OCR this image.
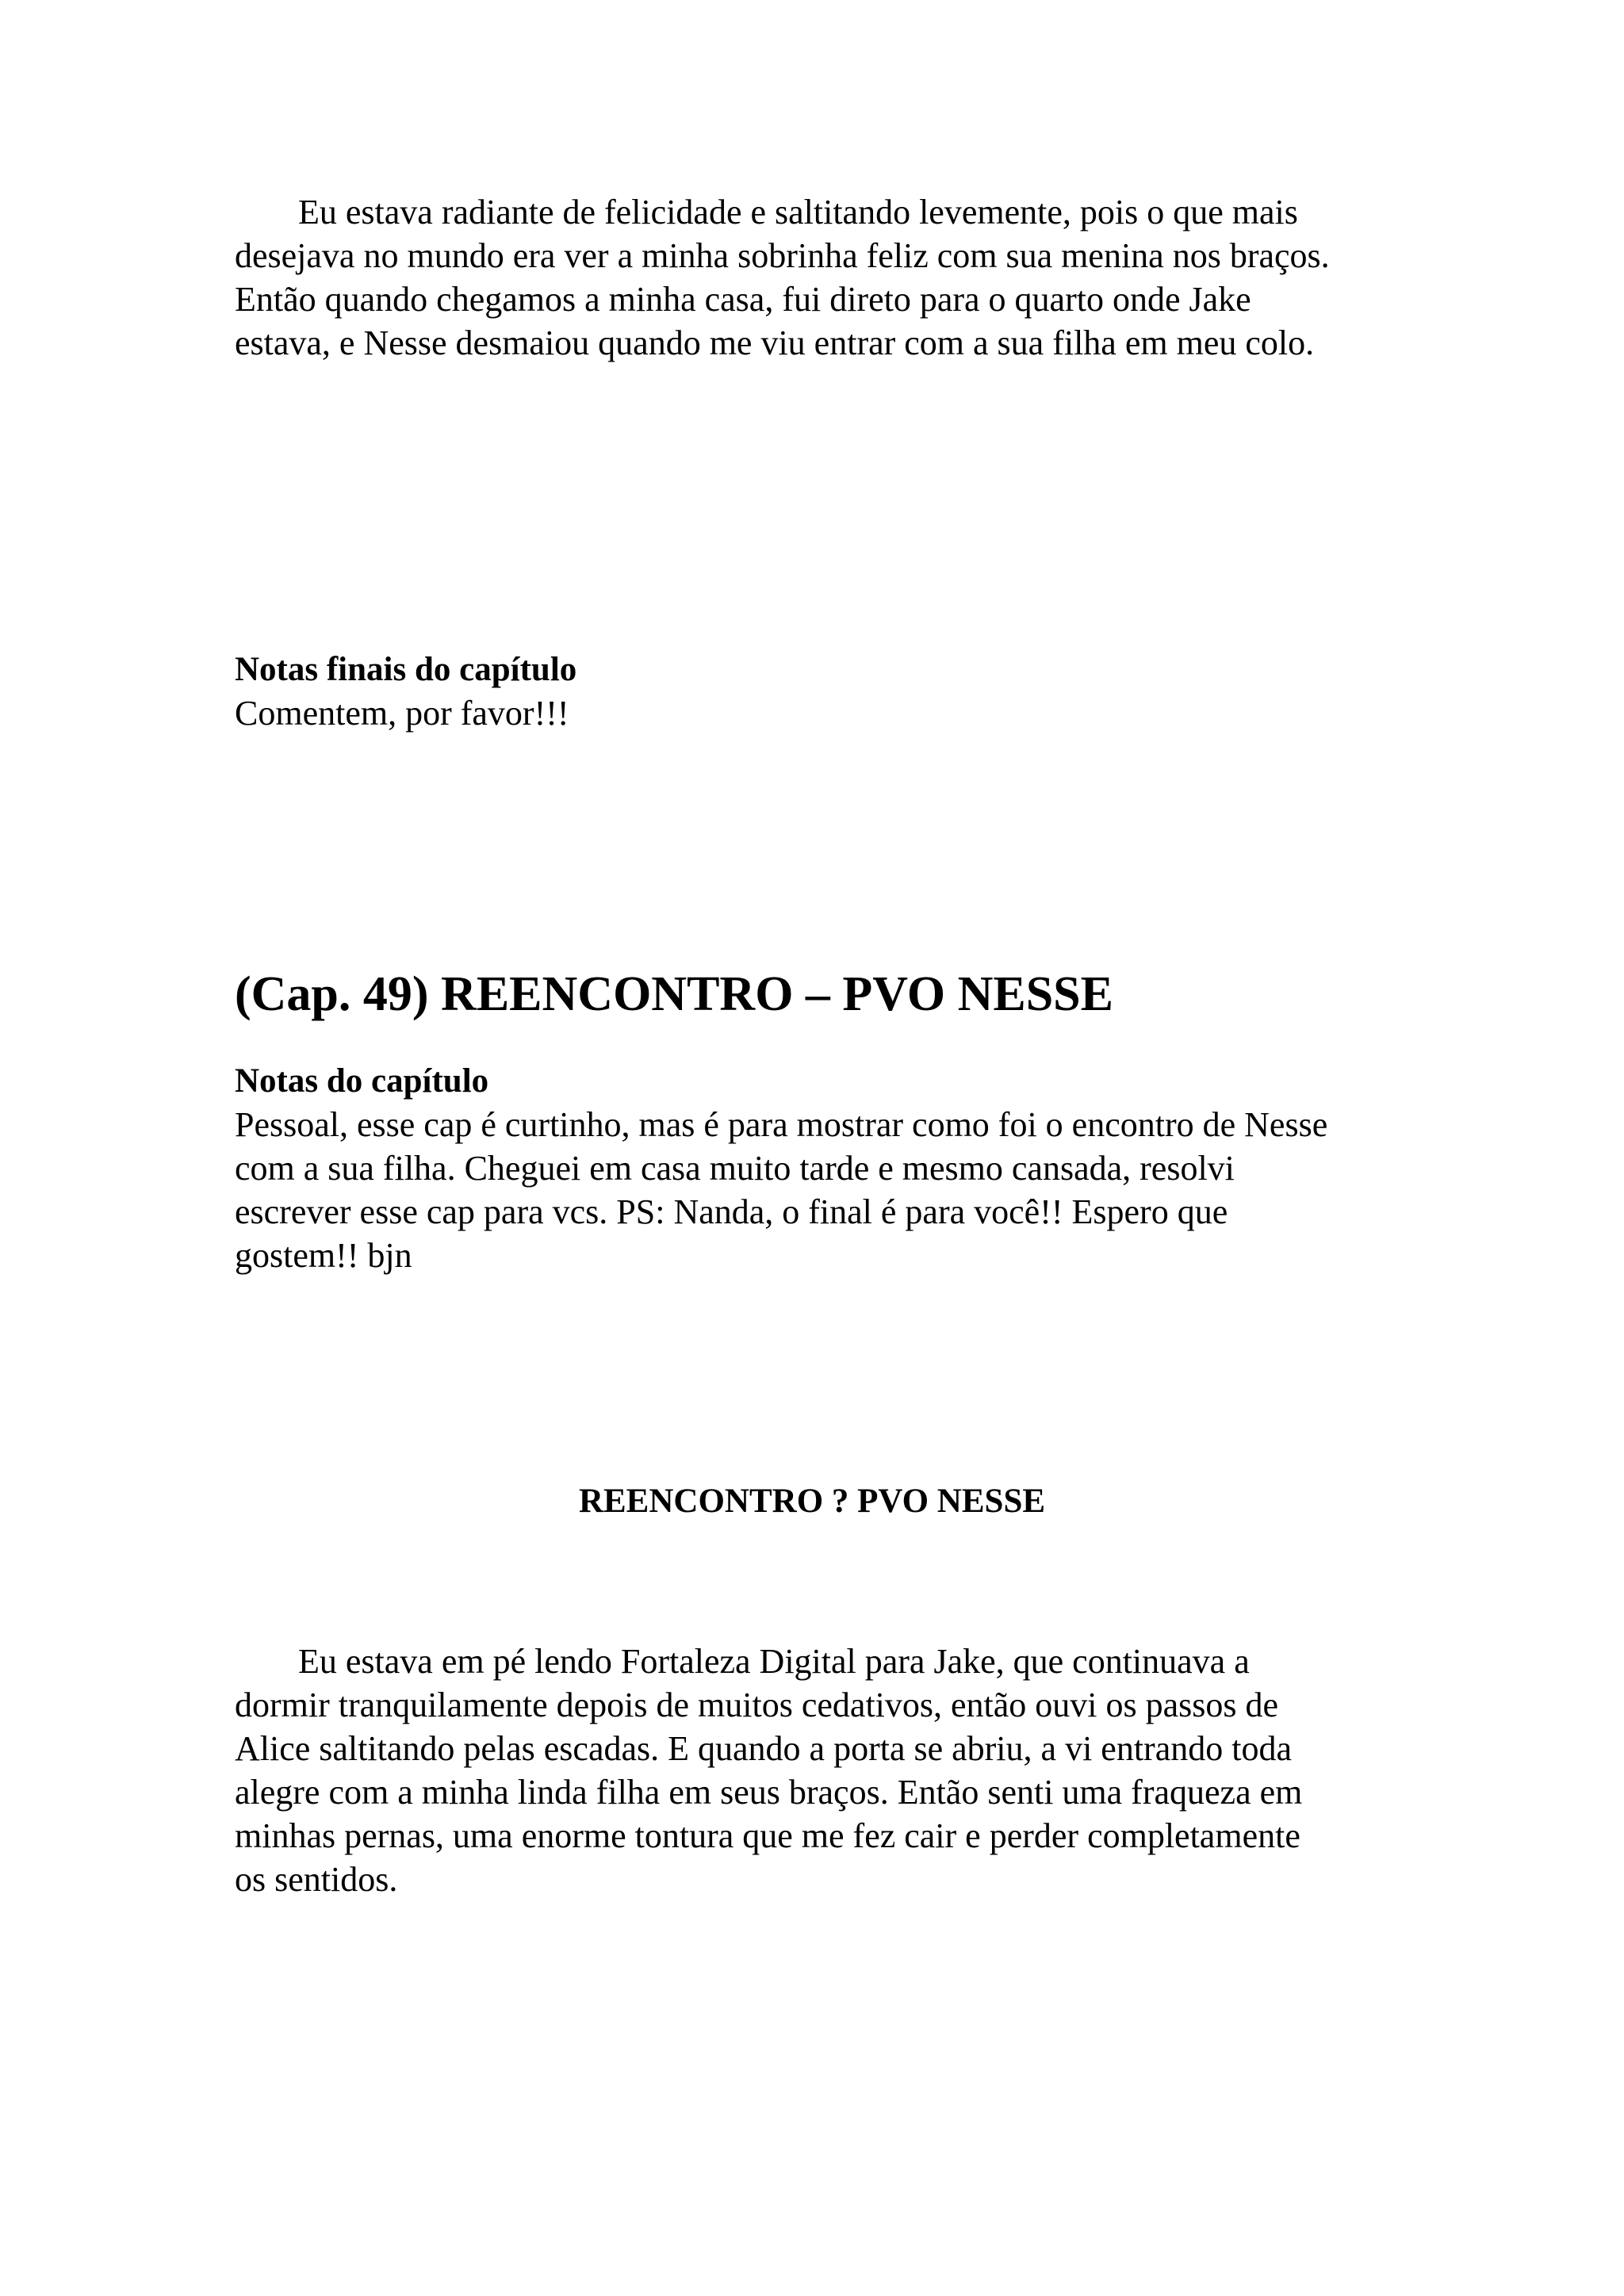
Eu estava radiante de felicidade e saltitando levemente, pois o que mais
desejava no mundo era ver a minha sobrinha feliz com sua menina nos braços.
Então quando chegamos a minha casa, fui direto para o quarto onde Jake
estava, e Nesse desmaiou quando me viu entrar com a sua filha em meu colo.

Notas finais do capítulo
Comentem, por favor!!!
(Cap. 49) REENCONTRO – PVO NESSE
Notas do capítulo
Pessoal, esse cap é curtinho, mas é para mostrar como foi o encontro de Nesse
com a sua filha. Cheguei em casa muito tarde e mesmo cansada, resolvi
escrever esse cap para vcs. PS: Nanda, o final é para você!! Espero que
gostem!! bjn
REENCONTRO ? PVO NESSE

Eu estava em pé lendo Fortaleza Digital para Jake, que continuava a
dormir tranquilamente depois de muitos cedativos, então ouvi os passos de
Alice saltitando pelas escadas. E quando a porta se abriu, a vi entrando toda
alegre com a minha linda filha em seus braços. Então senti uma fraqueza em
minhas pernas, uma enorme tontura que me fez cair e perder completamente
os sentidos.
